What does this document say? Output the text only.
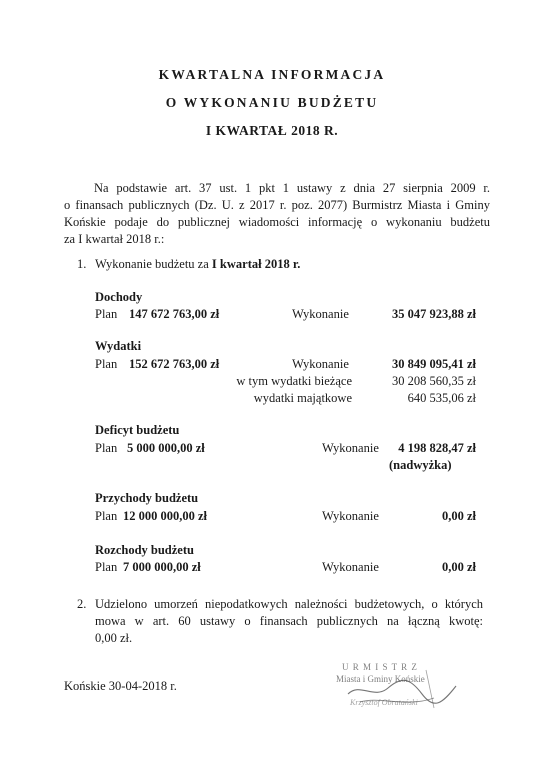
KWARTALNA INFORMACJA
O WYKONANIU BUDŻETU
I KWARTAŁ 2018 R.
Na podstawie art. 37 ust. 1 pkt 1 ustawy z dnia 27 sierpnia 2009 r.
o finansach publicznych (Dz. U. z 2017 r. poz. 2077) Burmistrz Miasta i Gminy
Końskie podaje do publicznej wiadomości informację o wykonaniu budżetu
za I kwartał 2018 r.:
1. Wykonanie budżetu za I kwartał 2018 r.
Dochody
Plan 147 672 763,00 zł	Wykonanie	35 047 923,88 zł
Wydatki
Plan 152 672 763,00 zł	Wykonanie	30 849 095,41 zł
w tym wydatki bieżące	30 208 560,35 zł
wydatki majątkowe	640 535,06 zł
Deficyt budżetu
Plan 5 000 000,00 zł	Wykonanie	4 198 828,47 zł
(nadwyżka)
Przychody budżetu
Plan 12 000 000,00 zł	Wykonanie	0,00 zł
Rozchody budżetu
Plan 7 000 000,00 zł	Wykonanie	0,00 zł
2. Udzielono umorzeń niepodatkowych należności budżetowych, o których
mowa w art. 60 ustawy o finansach publicznych na łączną kwotę:
0,00 zł.
Końskie 30-04-2018 r.
U R M I S T R Z
Miasta i Gminy Końskie
Krzysztof Obratański
